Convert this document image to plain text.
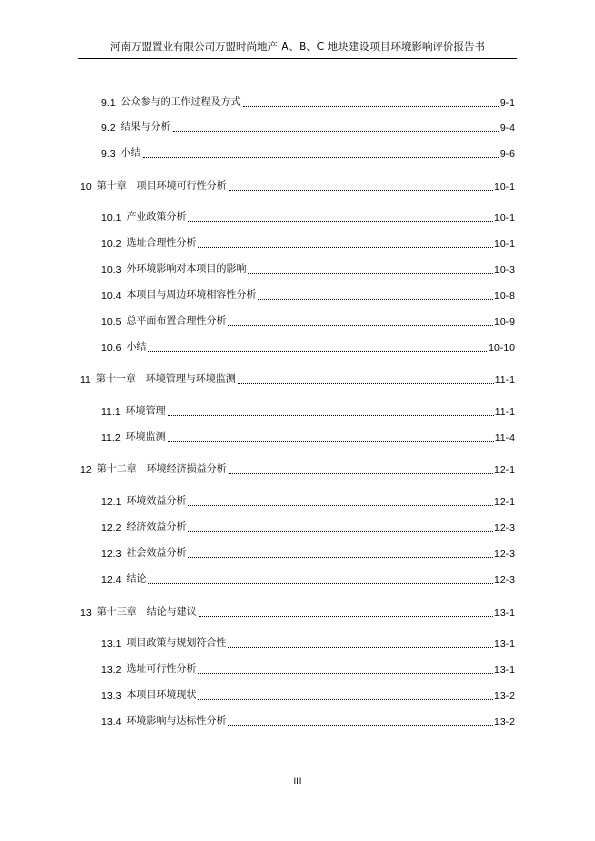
河南万盟置业有限公司万盟时尚地产 A、B、C 地块建设项目环境影响评价报告书
9.1 公众参与的工作过程及方式	9-1
9.2 结果与分析	9-4
9.3 小结	9-6
10 第十章　项目环境可行性分析	10-1
10.1 产业政策分析	10-1
10.2 选址合理性分析	10-1
10.3 外环境影响对本项目的影响	10-3
10.4 本项目与周边环境相容性分析	10-8
10.5 总平面布置合理性分析	10-9
10.6 小结	10-10
11 第十一章　环境管理与环境监测	11-1
11.1 环境管理	11-1
11.2 环境监测	11-4
12 第十二章　环境经济损益分析	12-1
12.1 环境效益分析	12-1
12.2 经济效益分析	12-3
12.3 社会效益分析	12-3
12.4 结论	12-3
13 第十三章　结论与建议	13-1
13.1 项目政策与规划符合性	13-1
13.2 选址可行性分析	13-1
13.3 本项目环境现状	13-2
13.4 环境影响与达标性分析	13-2
III
